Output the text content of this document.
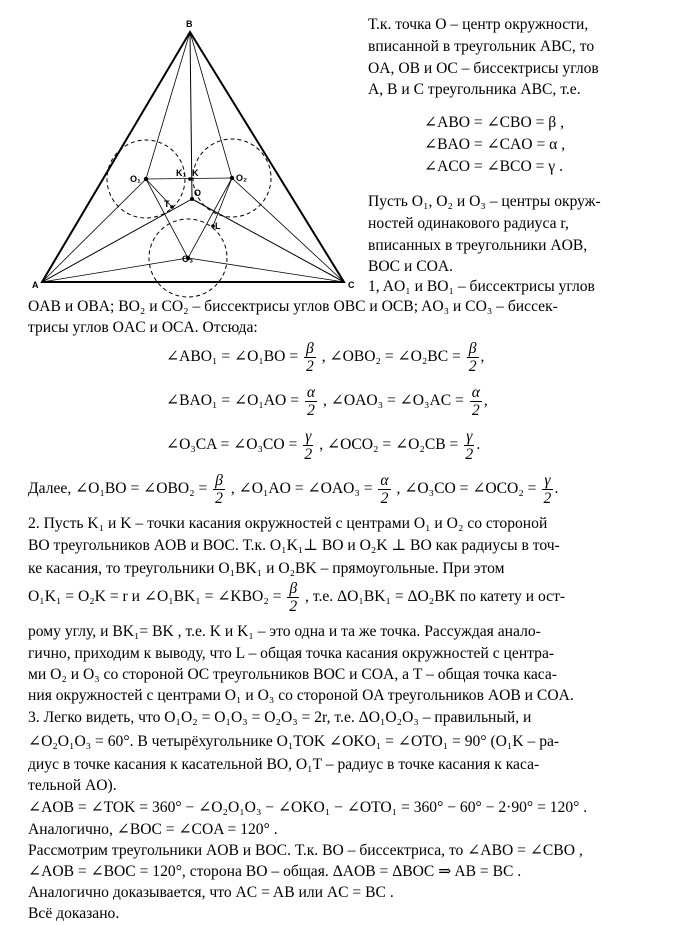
B
A	C
O
O₁	O₂
O₃
K₁ K
T
L
Т.к. точка O – центр окружности,
вписанной в треугольник ABC, то
OA, OB и OC – биссектрисы углов
A, B и C треугольника ABC, т.е.
∠ABO = ∠CBO = β ,
∠BAO = ∠CAO = α ,
∠ACO = ∠BCO = γ .
Пусть O₁, O₂ и O₃ – центры окруж-
ностей одинакового радиуса r,
вписанных в треугольники AOB,
BOC и COA.
1, AO₁ и BO₁ – биссектрисы углов
OAB и OBA; BO₂ и CO₂ – биссектрисы углов OBC и OCB; AO₃ и CO₃ – биссек-
трисы углов OAC и OCA. Отсюда:
∠ABO₁ = ∠O₁BO = $\frac{\beta}{2}$ , ∠OBO₂ = ∠O₂BC = $\frac{\beta}{2}$ ,
∠BAO₁ = ∠O₁AO = $\frac{\alpha}{2}$ , ∠OAO₃ = ∠O₃AC = $\frac{\alpha}{2}$ ,
∠O₃CA = ∠O₃CO = $\frac{\gamma}{2}$ , ∠OCO₂ = ∠O₂CB = $\frac{\gamma}{2}$ .
Далее, ∠O₁BO = ∠OBO₂ = $\frac{\beta}{2}$ , ∠O₁AO = ∠OAO₃ = $\frac{\alpha}{2}$ , ∠O₃CO = ∠OCO₂ = $\frac{\gamma}{2}$ .
2. Пусть K₁ и K – точки касания окружностей с центрами O₁ и O₂ со стороной
BO треугольников AOB и BOC. Т.к. O₁K₁⊥ BO и O₂K ⊥ BO как радиусы в точ-
ке касания, то треугольники O₁BK₁ и O₂BK – прямоугольные. При этом
O₁K₁ = O₂K = r и ∠O₁BK₁ = ∠KBO₂ = $\frac{\beta}{2}$ , т.е. ΔO₁BK₁ = ΔO₂BK по катету и ост-
рому углу, и BK₁= BK , т.е. K и K₁ – это одна и та же точка. Рассуждая анало-
гично, приходим к выводу, что L – общая точка касания окружностей с центра-
ми O₂ и O₃ со стороной OC треугольников BOC и COA, а T – общая точка каса-
ния окружностей с центрами O₁ и O₃ со стороной OA треугольников AOB и COA.
3. Легко видеть, что O₁O₂ = O₁O₃ = O₂O₃ = 2r, т.е. ΔO₁O₂O₃ – правильный, и
∠O₂O₁O₃ = 60°. В четырёхугольнике O₁TOK ∠OKO₁ = ∠OTO₁ = 90° (O₁K – ра-
диус в точке касания к касательной BO, O₁T – радиус в точке касания к каса-
тельной AO).
∠AOB = ∠TOK = 360° − ∠O₂O₁O₃ − ∠OKO₁ − ∠OTO₁ = 360° − 60° − 2·90° = 120° .
Аналогично, ∠BOC = ∠COA = 120° .
Рассмотрим треугольники AOB и BOC. Т.к. BO – биссектриса, то ∠ABO = ∠CBO ,
∠AOB = ∠BOC = 120°, сторона BO – общая. ΔAOB = ΔBOC ⇒ AB = BC .
Аналогично доказывается, что AC = AB или AC = BC .
Всё доказано.
